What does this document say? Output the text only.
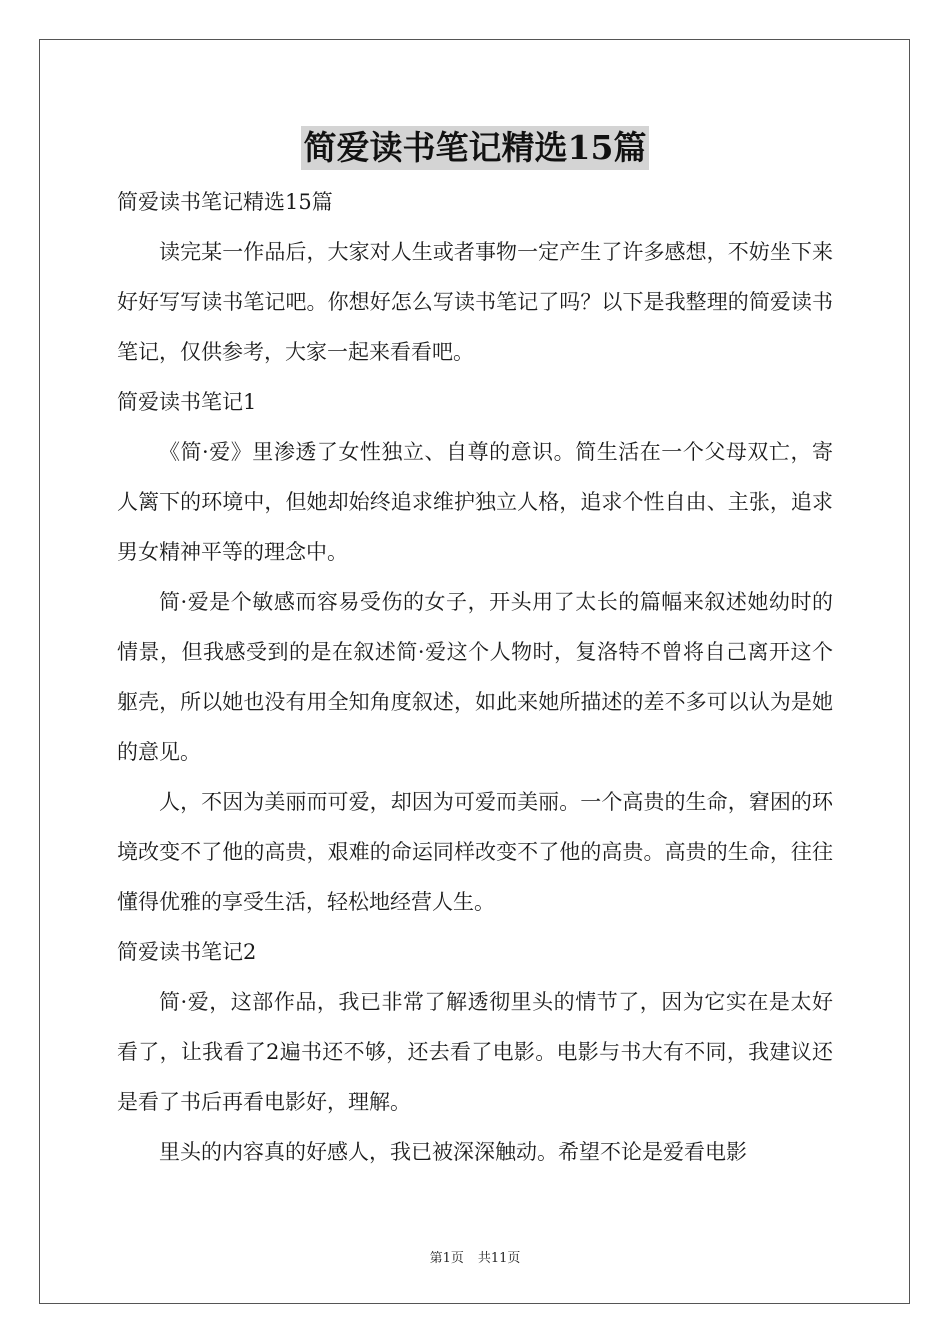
简爱读书笔记精选15篇

简爱读书笔记精选15篇

读完某一作品后，大家对人生或者事物一定产生了许多感想，不妨坐下来好好写写读书笔记吧。你想好怎么写读书笔记了吗？以下是我整理的简爱读书笔记，仅供参考，大家一起来看看吧。

简爱读书笔记1

《简·爱》里渗透了女性独立、自尊的意识。简生活在一个父母双亡，寄人篱下的环境中，但她却始终追求维护独立人格，追求个性自由、主张，追求男女精神平等的理念中。

简·爱是个敏感而容易受伤的女子，开头用了太长的篇幅来叙述她幼时的情景，但我感受到的是在叙述简·爱这个人物时，复洛特不曾将自己离开这个躯壳，所以她也没有用全知角度叙述，如此来她所描述的差不多可以认为是她的意见。

人，不因为美丽而可爱，却因为可爱而美丽。一个高贵的生命，窘困的环境改变不了他的高贵，艰难的命运同样改变不了他的高贵。高贵的生命，往往懂得优雅的享受生活，轻松地经营人生。

简爱读书笔记2

简·爱，这部作品，我已非常了解透彻里头的情节了，因为它实在是太好看了，让我看了2遍书还不够，还去看了电影。电影与书大有不同，我建议还是看了书后再看电影好，理解。

里头的内容真的好感人，我已被深深触动。希望不论是爱看电影

第1页 共11页
